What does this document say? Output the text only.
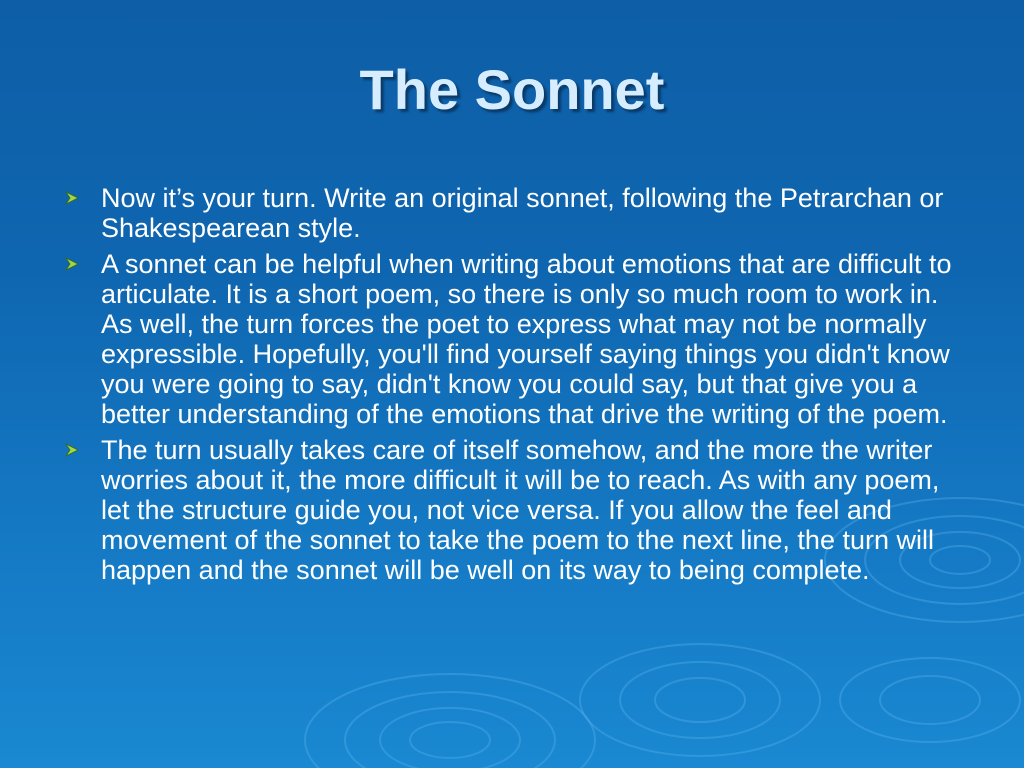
The Sonnet
Now it’s your turn. Write an original sonnet, following the Petrarchan or Shakespearean style.
A sonnet can be helpful when writing about emotions that are difficult to articulate. It is a short poem, so there is only so much room to work in. As well, the turn forces the poet to express what may not be normally expressible. Hopefully, you'll find yourself saying things you didn't know you were going to say, didn't know you could say, but that give you a better understanding of the emotions that drive the writing of the poem.
The turn usually takes care of itself somehow, and the more the writer worries about it, the more difficult it will be to reach. As with any poem, let the structure guide you, not vice versa. If you allow the feel and movement of the sonnet to take the poem to the next line, the turn will happen and the sonnet will be well on its way to being complete.
